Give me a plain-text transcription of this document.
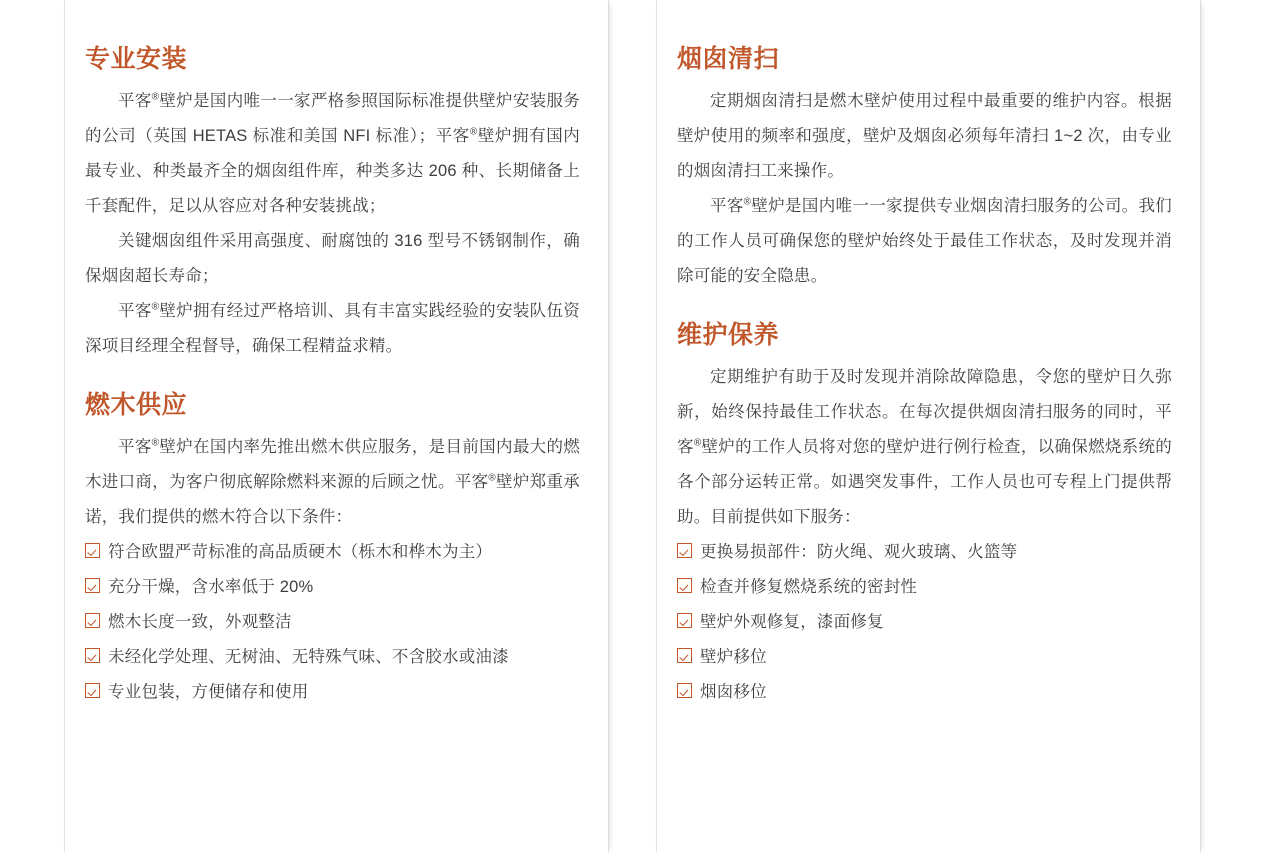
专业安装

平客®壁炉是国内唯一一家严格参照国际标准提供壁炉安装服务的公司（英国 HETAS 标准和美国 NFI 标准）；平客®壁炉拥有国内最专业、种类最齐全的烟囱组件库，种类多达 206 种、长期储备上千套配件，足以从容应对各种安装挑战；

关键烟囱组件采用高强度、耐腐蚀的 316 型号不锈钢制作，确保烟囱超长寿命；

平客®壁炉拥有经过严格培训、具有丰富实践经验的安装队伍资深项目经理全程督导，确保工程精益求精。

燃木供应

平客®壁炉在国内率先推出燃木供应服务，是目前国内最大的燃木进口商，为客户彻底解除燃料来源的后顾之忧。平客®壁炉郑重承诺，我们提供的燃木符合以下条件：

符合欧盟严苛标准的高品质硬木（栎木和桦木为主）
充分干燥，含水率低于 20%
燃木长度一致，外观整洁
未经化学处理、无树油、无特殊气味、不含胶水或油漆
专业包装，方便储存和使用
烟囱清扫

定期烟囱清扫是燃木壁炉使用过程中最重要的维护内容。根据壁炉使用的频率和强度，壁炉及烟囱必须每年清扫 1~2 次，由专业的烟囱清扫工来操作。

平客®壁炉是国内唯一一家提供专业烟囱清扫服务的公司。我们的工作人员可确保您的壁炉始终处于最佳工作状态，及时发现并消除可能的安全隐患。

维护保养

定期维护有助于及时发现并消除故障隐患，令您的壁炉日久弥新，始终保持最佳工作状态。在每次提供烟囱清扫服务的同时，平客®壁炉的工作人员将对您的壁炉进行例行检查，以确保燃烧系统的各个部分运转正常。如遇突发事件，工作人员也可专程上门提供帮助。目前提供如下服务：

更换易损部件：防火绳、观火玻璃、火篮等
检查并修复燃烧系统的密封性
壁炉外观修复，漆面修复
壁炉移位
烟囱移位
